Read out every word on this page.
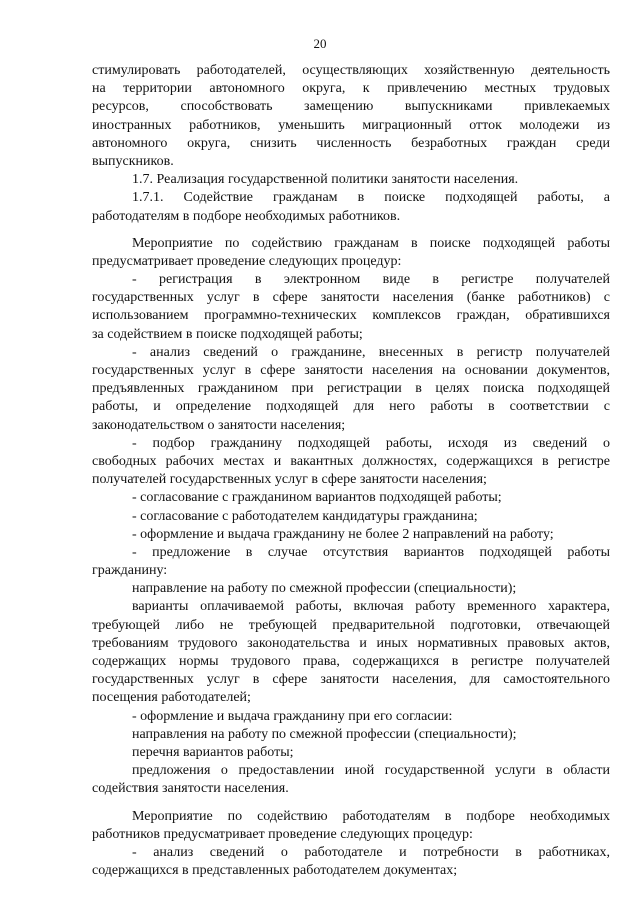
20
стимулировать работодателей, осуществляющих хозяйственную деятельность
на территории автономного округа, к привлечению местных трудовых
ресурсов, способствовать замещению выпускниками привлекаемых
иностранных работников, уменьшить миграционный отток молодежи из
автономного округа, снизить численность безработных граждан среди
выпускников.
1.7. Реализация государственной политики занятости населения.
1.7.1. Содействие гражданам в поиске подходящей работы, а
работодателям в подборе необходимых работников.
Мероприятие по содействию гражданам в поиске подходящей работы
предусматривает проведение следующих процедур:
- регистрация в электронном виде в регистре получателей
государственных услуг в сфере занятости населения (банке работников) с
использованием программно-технических комплексов граждан, обратившихся
за содействием в поиске подходящей работы;
- анализ сведений о гражданине, внесенных в регистр получателей
государственных услуг в сфере занятости населения на основании документов,
предъявленных гражданином при регистрации в целях поиска подходящей
работы, и определение подходящей для него работы в соответствии с
законодательством о занятости населения;
- подбор гражданину подходящей работы, исходя из сведений о
свободных рабочих местах и вакантных должностях, содержащихся в регистре
получателей государственных услуг в сфере занятости населения;
- согласование с гражданином вариантов подходящей работы;
- согласование с работодателем кандидатуры гражданина;
- оформление и выдача гражданину не более 2 направлений на работу;
- предложение в случае отсутствия вариантов подходящей работы
гражданину:
направление на работу по смежной профессии (специальности);
варианты оплачиваемой работы, включая работу временного характера,
требующей либо не требующей предварительной подготовки, отвечающей
требованиям трудового законодательства и иных нормативных правовых актов,
содержащих нормы трудового права, содержащихся в регистре получателей
государственных услуг в сфере занятости населения, для самостоятельного
посещения работодателей;
- оформление и выдача гражданину при его согласии:
направления на работу по смежной профессии (специальности);
перечня вариантов работы;
предложения о предоставлении иной государственной услуги в области
содействия занятости населения.
Мероприятие по содействию работодателям в подборе необходимых
работников предусматривает проведение следующих процедур:
- анализ сведений о работодателе и потребности в работниках,
содержащихся в представленных работодателем документах;
